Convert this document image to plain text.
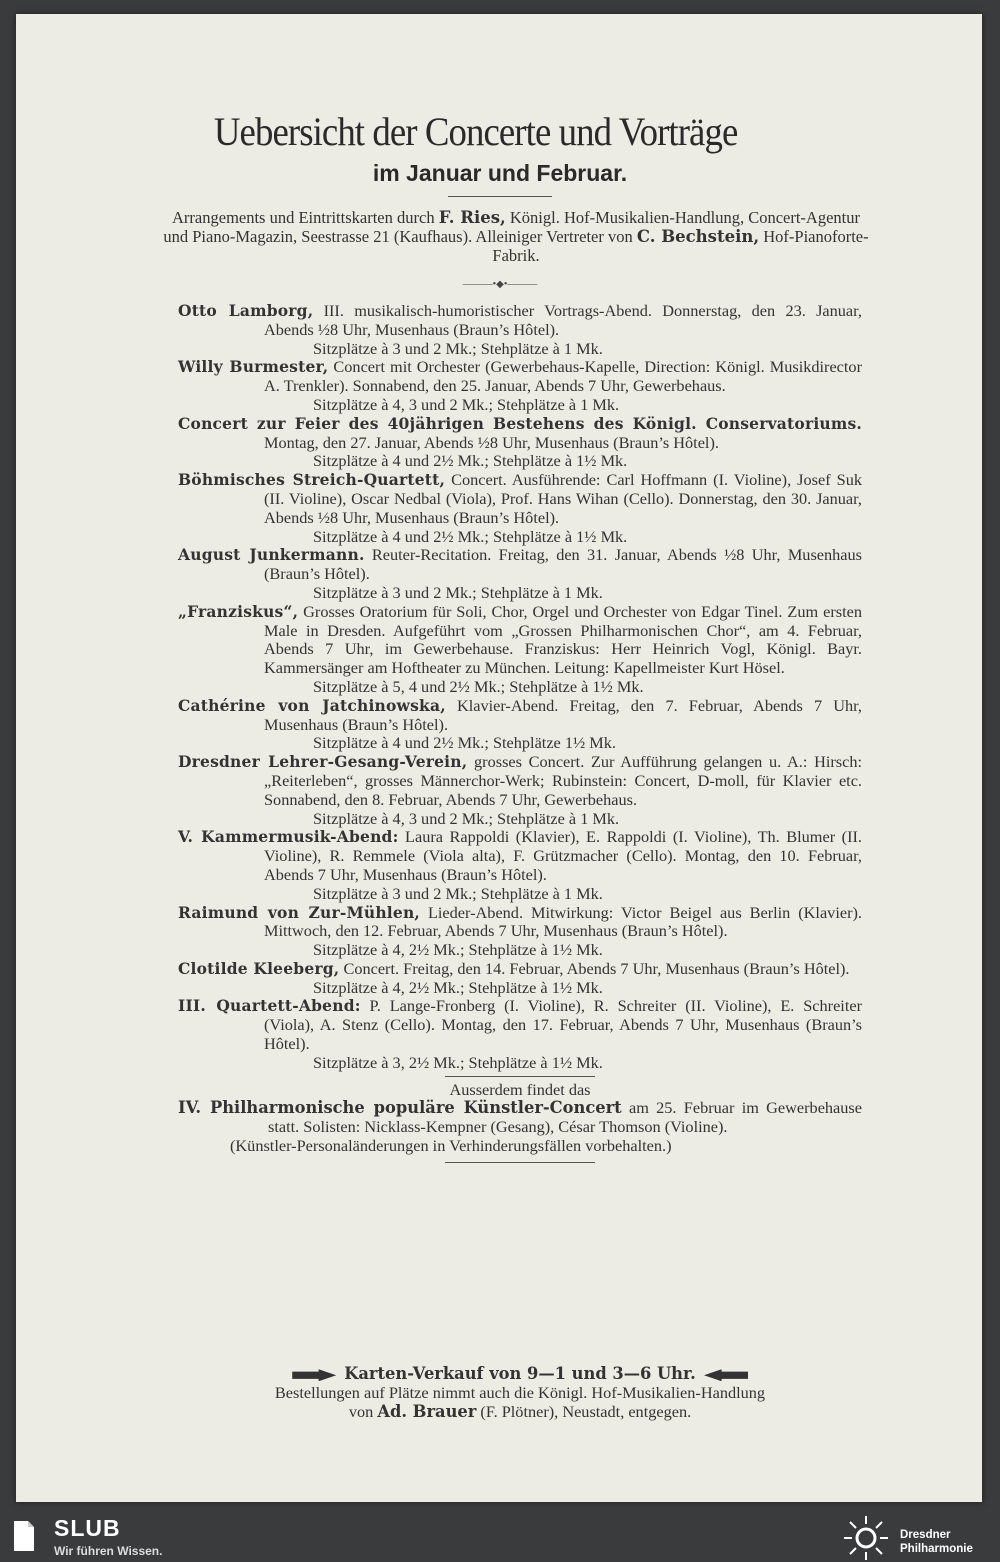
Uebersicht der Concerte und Vorträge
im Januar und Februar.
Arrangements und Eintrittskarten durch F. Ries, Königl. Hof-Musikalien-Handlung, Concert-Agentur und Piano-Magazin, Seestrasse 21 (Kaufhaus). Alleiniger Vertreter von C. Bechstein, Hof-Pianoforte-Fabrik.
———•◆•———
Otto Lamborg, III. musikalisch-humoristischer Vortrags-Abend. Donnerstag, den 23. Januar, Abends ½8 Uhr, Musenhaus (Braun’s Hôtel).
Sitzplätze à 3 und 2 Mk.; Stehplätze à 1 Mk.
Willy Burmester, Concert mit Orchester (Gewerbehaus-Kapelle, Direction: Königl. Musikdirector A. Trenkler). Sonnabend, den 25. Januar, Abends 7 Uhr, Gewerbehaus.
Sitzplätze à 4, 3 und 2 Mk.; Stehplätze à 1 Mk.
Concert zur Feier des 40jährigen Bestehens des Königl. Conservatoriums. Montag, den 27. Januar, Abends ½8 Uhr, Musenhaus (Braun’s Hôtel).
Sitzplätze à 4 und 2½ Mk.; Stehplätze à 1½ Mk.
Böhmisches Streich-Quartett, Concert. Ausführende: Carl Hoffmann (I. Violine), Josef Suk (II. Violine), Oscar Nedbal (Viola), Prof. Hans Wihan (Cello). Donnerstag, den 30. Januar, Abends ½8 Uhr, Musenhaus (Braun’s Hôtel).
Sitzplätze à 4 und 2½ Mk.; Stehplätze à 1½ Mk.
August Junkermann. Reuter-Recitation. Freitag, den 31. Januar, Abends ½8 Uhr, Musenhaus (Braun’s Hôtel).
Sitzplätze à 3 und 2 Mk.; Stehplätze à 1 Mk.
„Franziskus“, Grosses Oratorium für Soli, Chor, Orgel und Orchester von Edgar Tinel. Zum ersten Male in Dresden. Aufgeführt vom „Grossen Philharmonischen Chor“, am 4. Februar, Abends 7 Uhr, im Gewerbehause. Franziskus: Herr Heinrich Vogl, Königl. Bayr. Kammersänger am Hoftheater zu München. Leitung: Kapellmeister Kurt Hösel.
Sitzplätze à 5, 4 und 2½ Mk.; Stehplätze à 1½ Mk.
Cathérine von Jatchinowska, Klavier-Abend. Freitag, den 7. Februar, Abends 7 Uhr, Musenhaus (Braun’s Hôtel).
Sitzplätze à 4 und 2½ Mk.; Stehplätze 1½ Mk.
Dresdner Lehrer-Gesang-Verein, grosses Concert. Zur Aufführung gelangen u. A.: Hirsch: „Reiterleben“, grosses Männerchor-Werk; Rubinstein: Concert, D-moll, für Klavier etc. Sonnabend, den 8. Februar, Abends 7 Uhr, Gewerbehaus.
Sitzplätze à 4, 3 und 2 Mk.; Stehplätze à 1 Mk.
V. Kammermusik-Abend: Laura Rappoldi (Klavier), E. Rappoldi (I. Violine), Th. Blumer (II. Violine), R. Remmele (Viola alta), F. Grützmacher (Cello). Montag, den 10. Februar, Abends 7 Uhr, Musenhaus (Braun’s Hôtel).
Sitzplätze à 3 und 2 Mk.; Stehplätze à 1 Mk.
Raimund von Zur-Mühlen, Lieder-Abend. Mitwirkung: Victor Beigel aus Berlin (Klavier). Mittwoch, den 12. Februar, Abends 7 Uhr, Musenhaus (Braun’s Hôtel).
Sitzplätze à 4, 2½ Mk.; Stehplätze à 1½ Mk.
Clotilde Kleeberg, Concert. Freitag, den 14. Februar, Abends 7 Uhr, Musenhaus (Braun’s Hôtel).
Sitzplätze à 4, 2½ Mk.; Stehplätze à 1½ Mk.
III. Quartett-Abend: P. Lange-Fronberg (I. Violine), R. Schreiter (II. Violine), E. Schreiter (Viola), A. Stenz (Cello). Montag, den 17. Februar, Abends 7 Uhr, Musenhaus (Braun’s Hôtel).
Sitzplätze à 3, 2½ Mk.; Stehplätze à 1½ Mk.
Ausserdem findet das
IV. Philharmonische populäre Künstler-Concert am 25. Februar im Gewerbehause statt. Solisten: Nicklass-Kempner (Gesang), César Thomson (Violine).
(Künstler-Personaländerungen in Verhinderungsfällen vorbehalten.)
Karten-Verkauf von 9—1 und 3—6 Uhr.
Bestellungen auf Plätze nimmt auch die Königl. Hof-Musikalien-Handlung
von Ad. Brauer (F. Plötner), Neustadt, entgegen.
SLUB
Wir führen Wissen.
Dresdner
Philharmonie
